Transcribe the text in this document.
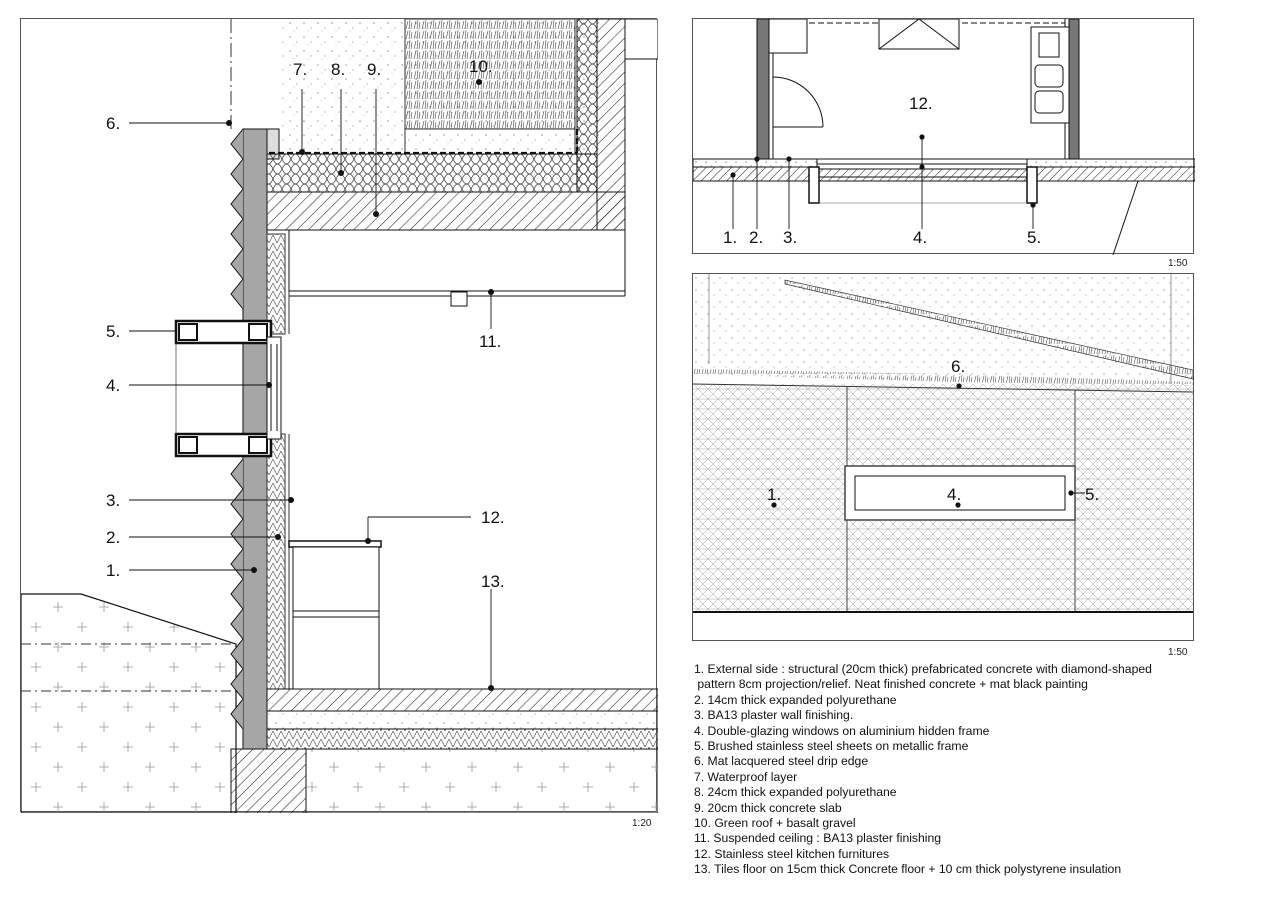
6.
5.
4.
3.
2.
1.
7. 8. 9.	10.
11.
12.
13.
1:20
1. 2. 3.	4.	5.
12.
1:50
1.	4.	5.
6.
1:50
1. External side : structural (20cm thick) prefabricated concrete with diamond-shaped
pattern 8cm projection/relief. Neat finished concrete + mat black painting
2. 14cm thick expanded polyurethane
3. BA13 plaster wall finishing.
4. Double-glazing windows on aluminium hidden frame
5. Brushed stainless steel sheets on metallic frame
6. Mat lacquered steel drip edge
7. Waterproof layer
8. 24cm thick expanded polyurethane
9. 20cm thick concrete slab
10. Green roof + basalt gravel
11. Suspended ceiling : BA13 plaster finishing
12. Stainless steel kitchen furnitures
13. Tiles floor on 15cm thick Concrete floor + 10 cm thick polystyrene insulation
